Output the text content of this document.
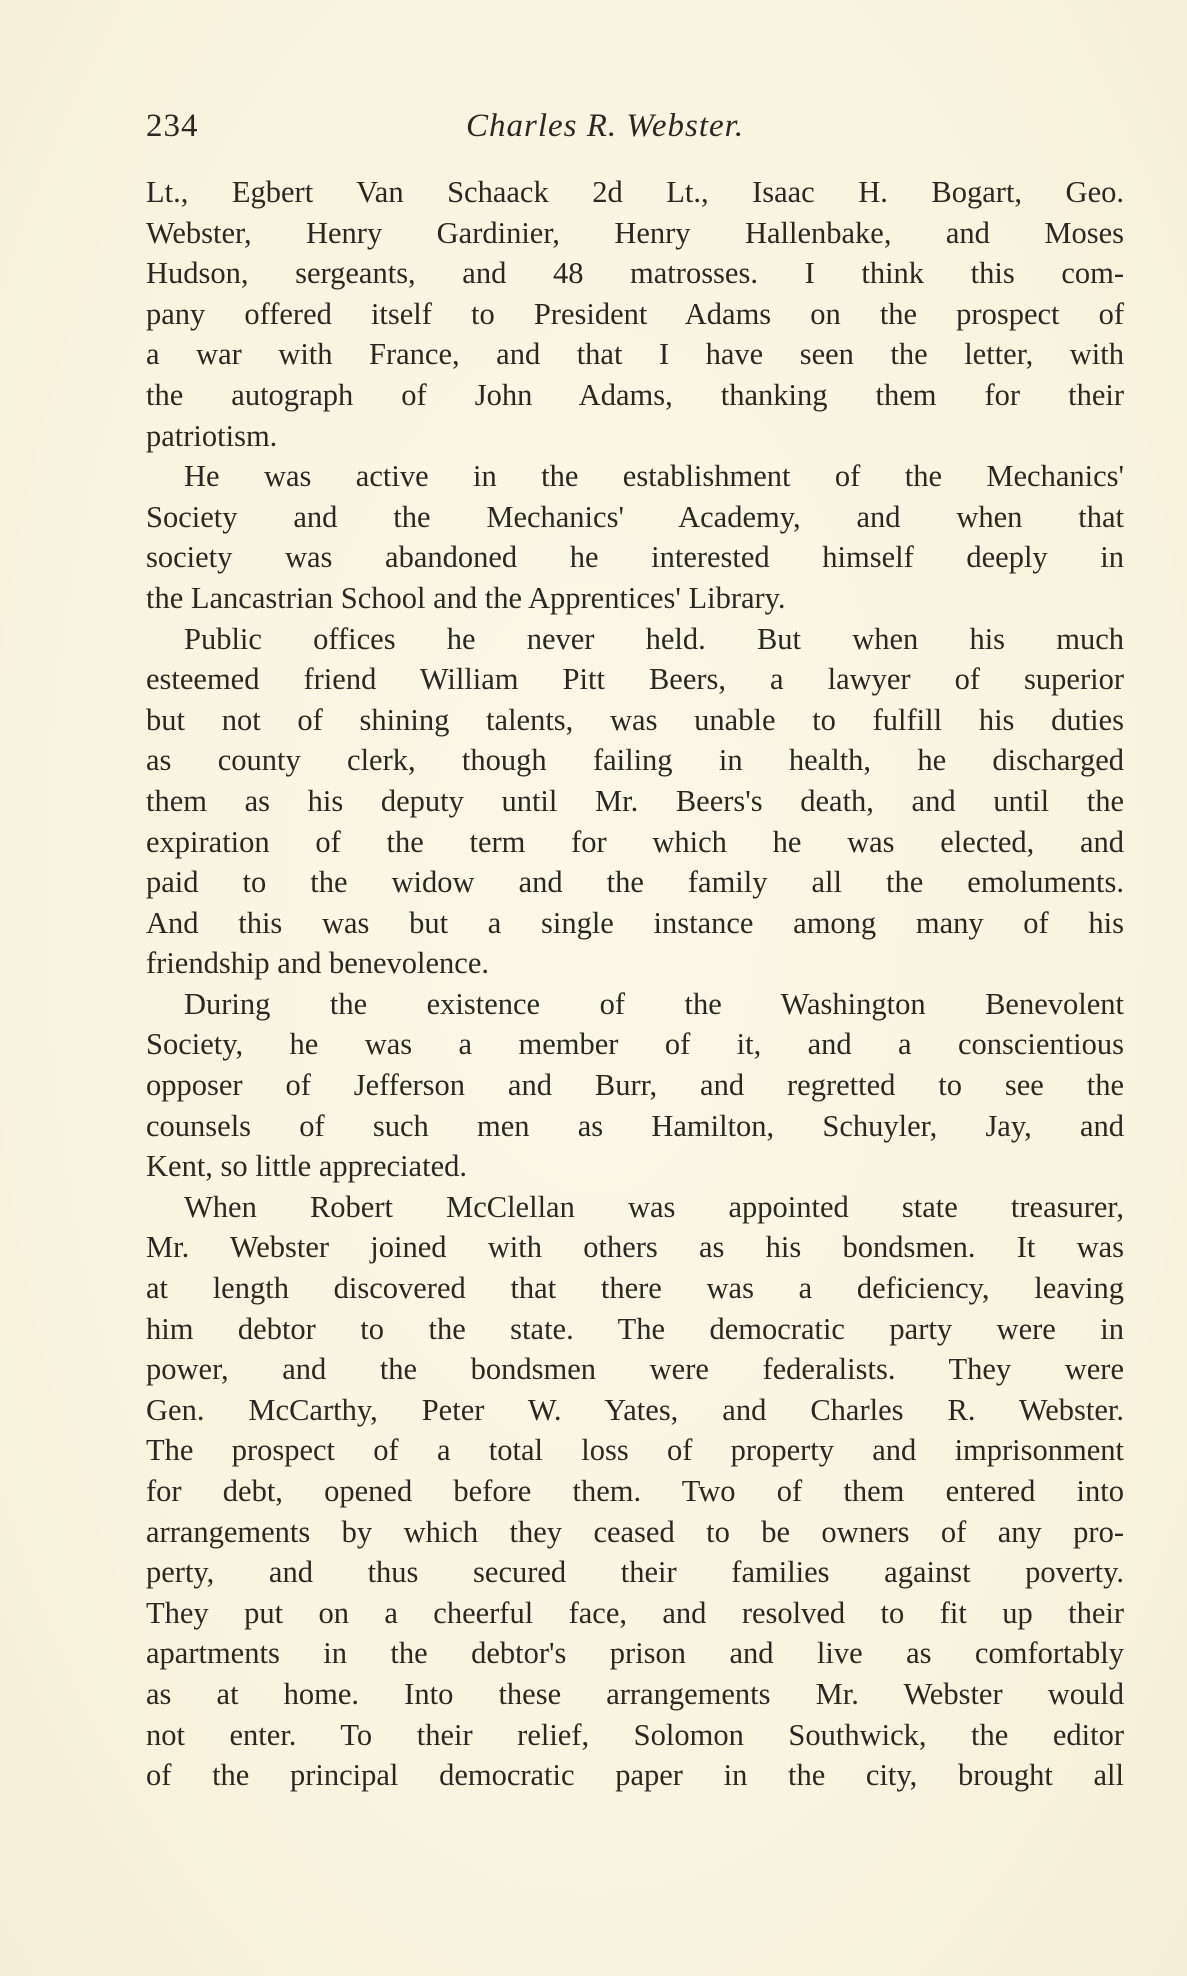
234	Charles R. Webster.
Lt., Egbert Van Schaack 2d Lt., Isaac H. Bogart, Geo.
Webster, Henry Gardinier, Henry Hallenbake, and Moses
Hudson, sergeants, and 48 matrosses. I think this com-
pany offered itself to President Adams on the prospect of
a war with France, and that I have seen the letter, with
the autograph of John Adams, thanking them for their
patriotism.
He was active in the establishment of the Mechanics'
Society and the Mechanics' Academy, and when that
society was abandoned he interested himself deeply in
the Lancastrian School and the Apprentices' Library.
Public offices he never held. But when his much
esteemed friend William Pitt Beers, a lawyer of superior
but not of shining talents, was unable to fulfill his duties
as county clerk, though failing in health, he discharged
them as his deputy until Mr. Beers's death, and until the
expiration of the term for which he was elected, and
paid to the widow and the family all the emoluments.
And this was but a single instance among many of his
friendship and benevolence.
During the existence of the Washington Benevolent
Society, he was a member of it, and a conscientious
opposer of Jefferson and Burr, and regretted to see the
counsels of such men as Hamilton, Schuyler, Jay, and
Kent, so little appreciated.
When Robert McClellan was appointed state treasurer,
Mr. Webster joined with others as his bondsmen. It was
at length discovered that there was a deficiency, leaving
him debtor to the state. The democratic party were in
power, and the bondsmen were federalists. They were
Gen. McCarthy, Peter W. Yates, and Charles R. Webster.
The prospect of a total loss of property and imprisonment
for debt, opened before them. Two of them entered into
arrangements by which they ceased to be owners of any pro-
perty, and thus secured their families against poverty.
They put on a cheerful face, and resolved to fit up their
apartments in the debtor's prison and live as comfortably
as at home. Into these arrangements Mr. Webster would
not enter. To their relief, Solomon Southwick, the editor
of the principal democratic paper in the city, brought all
